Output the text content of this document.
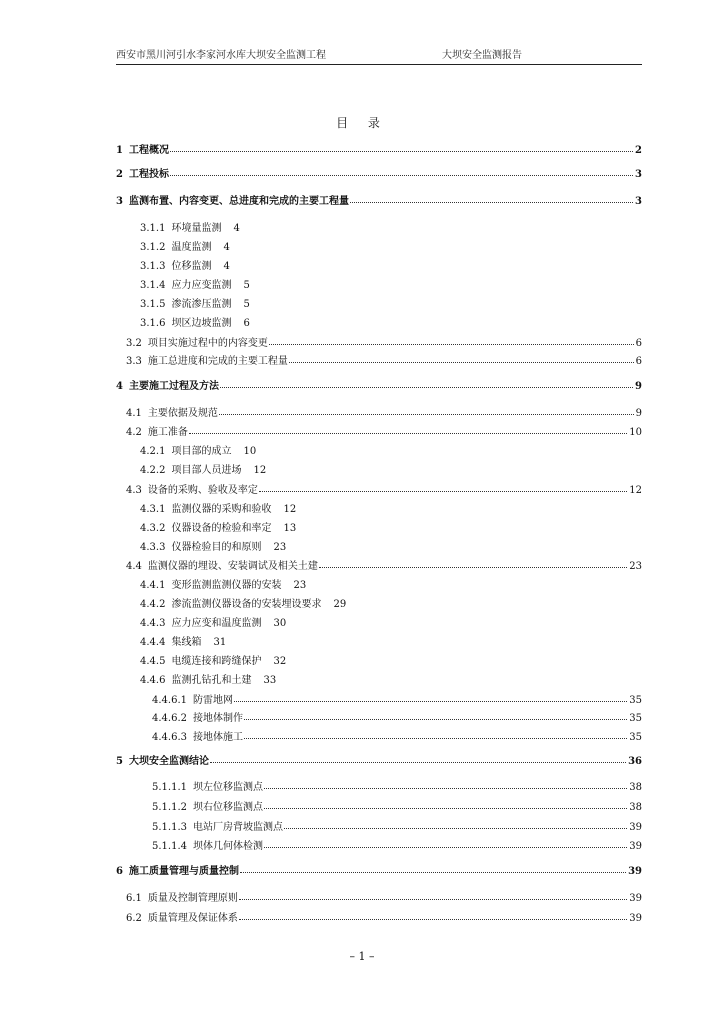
西安市黑川河引水李家河水库大坝安全监测工程	大坝安全监测报告
目 录
1 工程概况	2
2 工程投标	3
3 监测布置、内容变更、总进度和完成的主要工程量	3
3.1.1 环境量监测 4
3.1.2 温度监测 4
3.1.3 位移监测 4
3.1.4 应力应变监测 5
3.1.5 渗流渗压监测 5
3.1.6 坝区边坡监测 6
3.2 项目实施过程中的内容变更	6
3.3 施工总进度和完成的主要工程量	6
4 主要施工过程及方法	9
4.1 主要依据及规范	9
4.2 施工准备	10
4.2.1 项目部的成立 10
4.2.2 项目部人员进场 12
4.3 设备的采购、验收及率定	12
4.3.1 监测仪器的采购和验收 12
4.3.2 仪器设备的检验和率定 13
4.3.3 仪器检验目的和原则 23
4.4 监测仪器的埋设、安装调试及相关土建	23
4.4.1 变形监测监测仪器的安装 23
4.4.2 渗流监测仪器设备的安装埋设要求 29
4.4.3 应力应变和温度监测 30
4.4.4 集线箱 31
4.4.5 电缆连接和跨缝保护 32
4.4.6 监测孔钻孔和土建 33
4.4.6.1 防雷地网	35
4.4.6.2 接地体制作	35
4.4.6.3 接地体施工	35
5 大坝安全监测结论	36
5.1.1.1 坝左位移监测点	38
5.1.1.2 坝右位移监测点	38
5.1.1.3 电站厂房背坡监测点	39
5.1.1.4 坝体几何体检测	39
6 施工质量管理与质量控制	39
6.1 质量及控制管理原则	39
6.2 质量管理及保证体系	39
– 1 –
